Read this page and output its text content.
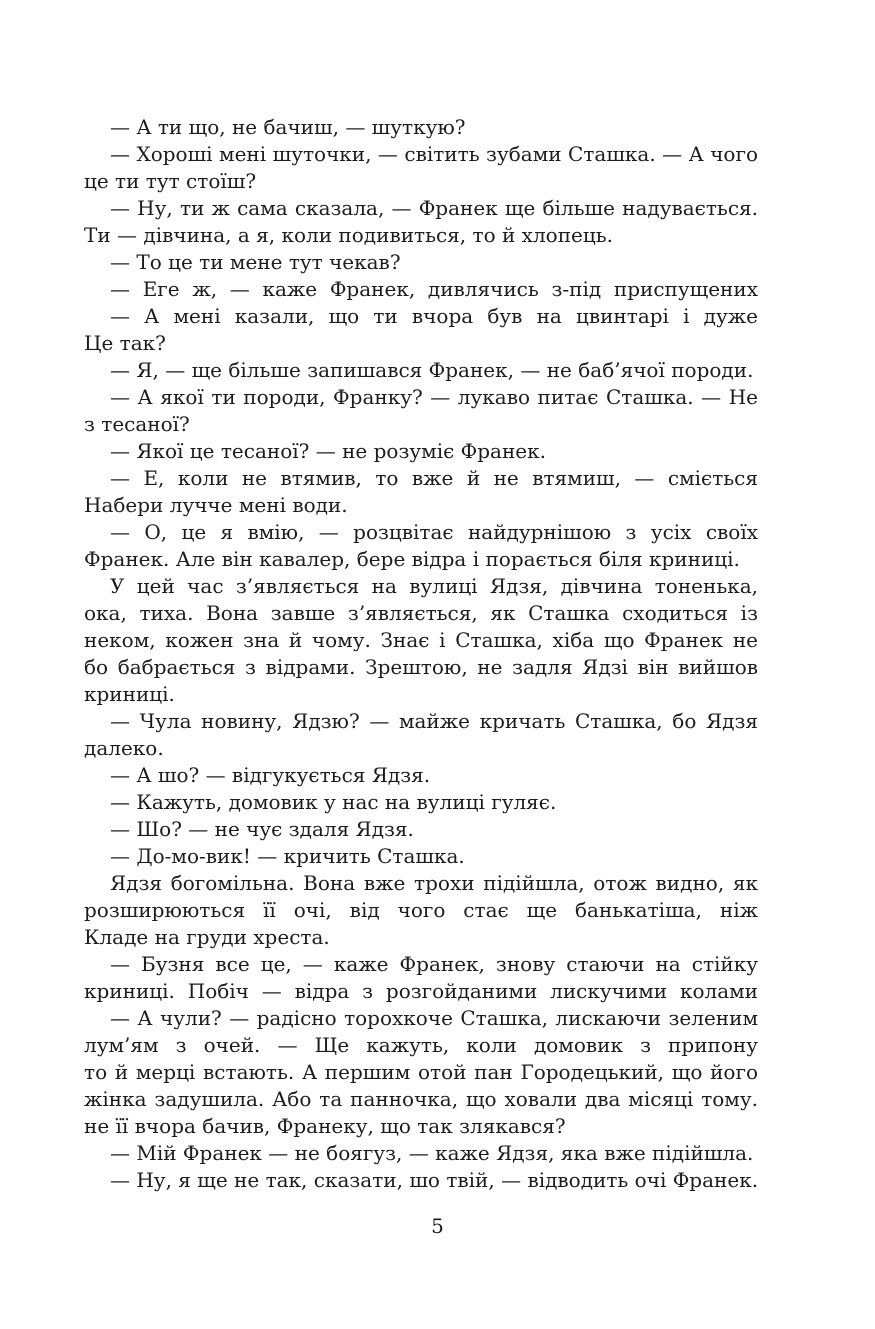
— А ти що, не бачиш, — шуткую?
— Хороші мені шуточки, — світить зубами Сташка. — А чого
це ти тут стоїш?
— Ну, ти ж сама сказала, — Франек ще більше надувається.
Ти — дівчина, а я, коли подивиться, то й хлопець.
— То це ти мене тут чекав?
— Еге ж, — каже Франек, дивлячись з-під приспущених
— А мені казали, що ти вчора був на цвинтарі і дуже
Це так?
— Я, — ще більше запишався Франек, — не баб’ячої породи.
— А якої ти породи, Франку? — лукаво питає Сташка. — Не
з тесаної?
— Якої це тесаної? — не розуміє Франек.
— Е, коли не втямив, то вже й не втямиш, — сміється
Набери лучче мені води.
— О, це я вмію, — розцвітає найдурнішою з усіх своїх
Франек. Але він кавалер, бере відра і порається біля криниці.
У цей час з’являється на вулиці Ядзя, дівчина тоненька,
ока, тиха. Вона завше з’являється, як Сташка сходиться із
неком, кожен зна й чому. Знає і Сташка, хіба що Франек не
бо бабрається з відрами. Зрештою, не задля Ядзі він вийшов
криниці.
— Чула новину, Ядзю? — майже кричать Сташка, бо Ядзя
далеко.
— А шо? — відгукується Ядзя.
— Кажуть, домовик у нас на вулиці гуляє.
— Шо? — не чує здаля Ядзя.
— До-мо-вик! — кричить Сташка.
Ядзя богомільна. Вона вже трохи підійшла, отож видно, як
розширюються її очі, від чого стає ще банькатіша, ніж
Кладе на груди хреста.
— Бузня все це, — каже Франек, знову стаючи на стійку
криниці. Побіч — відра з розгойданими лискучими колами
— А чули? — радісно торохкоче Сташка, лискаючи зеленим
лум’ям з очей. — Ще кажуть, коли домовик з припону
то й мерці встають. А першим отой пан Городецький, що його
жінка задушила. Або та панночка, що ховали два місяці тому.
не її вчора бачив, Франеку, що так злякався?
— Мій Франек — не боягуз, — каже Ядзя, яка вже підійшла.
— Ну, я ще не так, сказати, шо твій, — відводить очі Франек.
5
